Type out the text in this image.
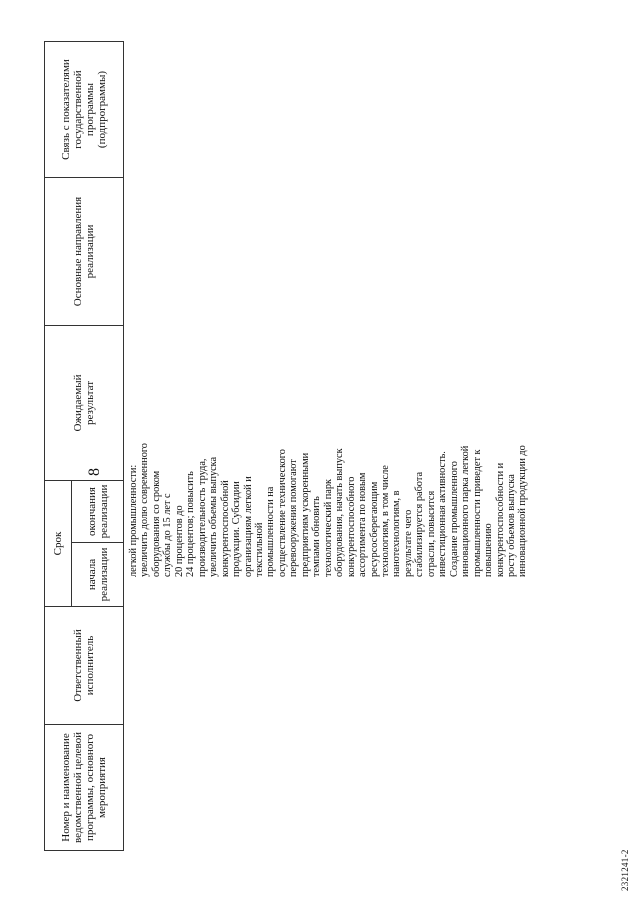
8
Номер и наименование
ведомственной целевой
программы, основного
мероприятия
Ответственный
исполнитель
Срок
начала
реализации
окончания
реализации
Ожидаемый
результат
Основные направления
реализации
Связь с показателями
государственной
программы
(подпрограммы)
легкой промышленности:
увеличить долю современного
оборудования со сроком
службы до 15 лет с
20 процентов до
24 процентов; повысить
производительность труда,
увеличить объемы выпуска
конкурентоспособной
продукции. Субсидии
организациям легкой и
текстильной
промышленности на
осуществление технического
перевооружения помогают
предприятиям ускоренными
темпами обновить
технологический парк
оборудования, начать выпуск
конкурентоспособного
ассортимента по новым
ресурсосберегающим
технологиям, в том числе
нанотехнологиям, в
результате чего
стабилизируется работа
отрасли, повысится
инвестиционная активность.
Создание промышленного
инновационного парка легкой
промышленности приведет к
повышению
конкурентоспособности и
росту объемов выпуска
инновационной продукции до
2321241-2
